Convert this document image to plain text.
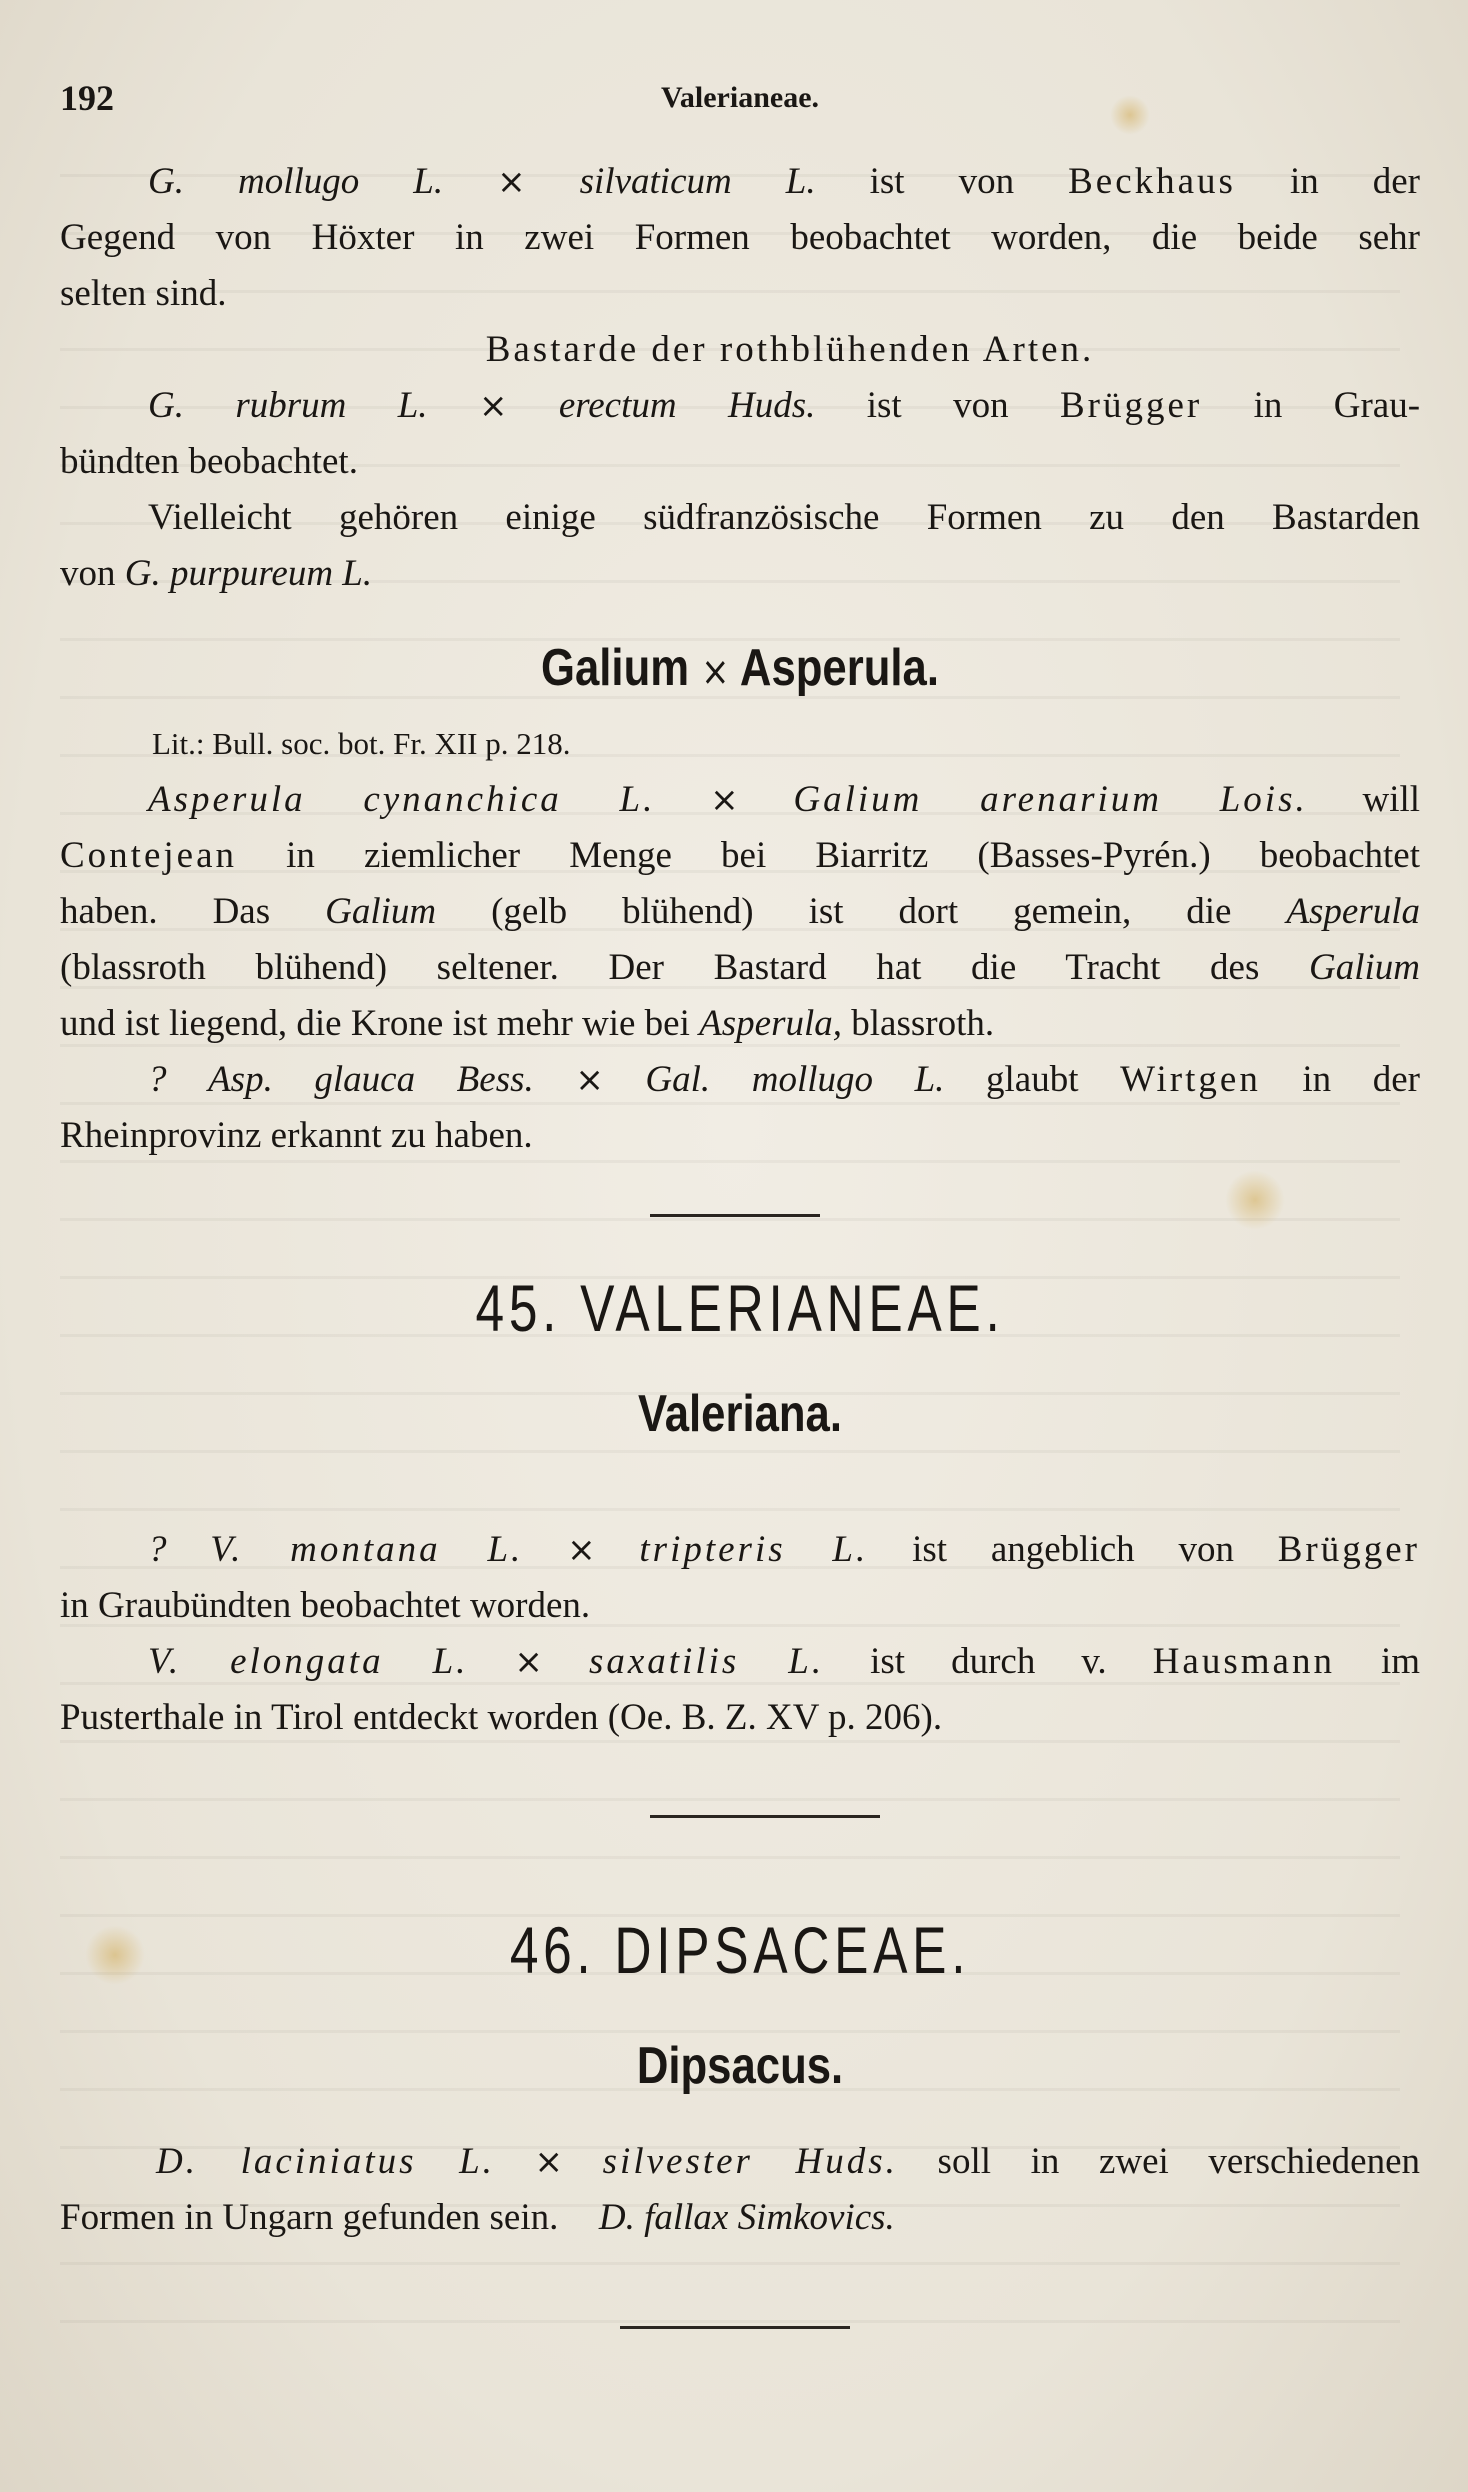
192	Valerianeae.
G. mollugo L. × silvaticum L. ist von Beckhaus in der
Gegend von Höxter in zwei Formen beobachtet worden, die beide sehr
selten sind.
Bastarde der rothblühenden Arten.
G. rubrum L. × erectum Huds. ist von Brügger in Grau-
bündten beobachtet.
Vielleicht gehören einige südfranzösische Formen zu den Bastarden
von G. purpureum L.
Galium × Asperula.
Lit.: Bull. soc. bot. Fr. XII p. 218.
Asperula cynanchica L. × Galium arenarium Lois. will
Contejean in ziemlicher Menge bei Biarritz (Basses-Pyrén.) beobachtet
haben. Das Galium (gelb blühend) ist dort gemein, die Asperula
(blassroth blühend) seltener. Der Bastard hat die Tracht des Galium
und ist liegend, die Krone ist mehr wie bei Asperula, blassroth.
? Asp. glauca Bess. × Gal. mollugo L. glaubt Wirtgen in der
Rheinprovinz erkannt zu haben.
45. VALERIANEAE.
Valeriana.
? V. montana L. × tripteris L. ist angeblich von Brügger
in Graubündten beobachtet worden.
V. elongata L. × saxatilis L. ist durch v. Hausmann im
Pusterthale in Tirol entdeckt worden (Oe. B. Z. XV p. 206).
46. DIPSACEAE.
Dipsacus.
D. laciniatus L. × silvester Huds. soll in zwei verschiedenen
Formen in Ungarn gefunden sein. D. fallax Simkovics.
